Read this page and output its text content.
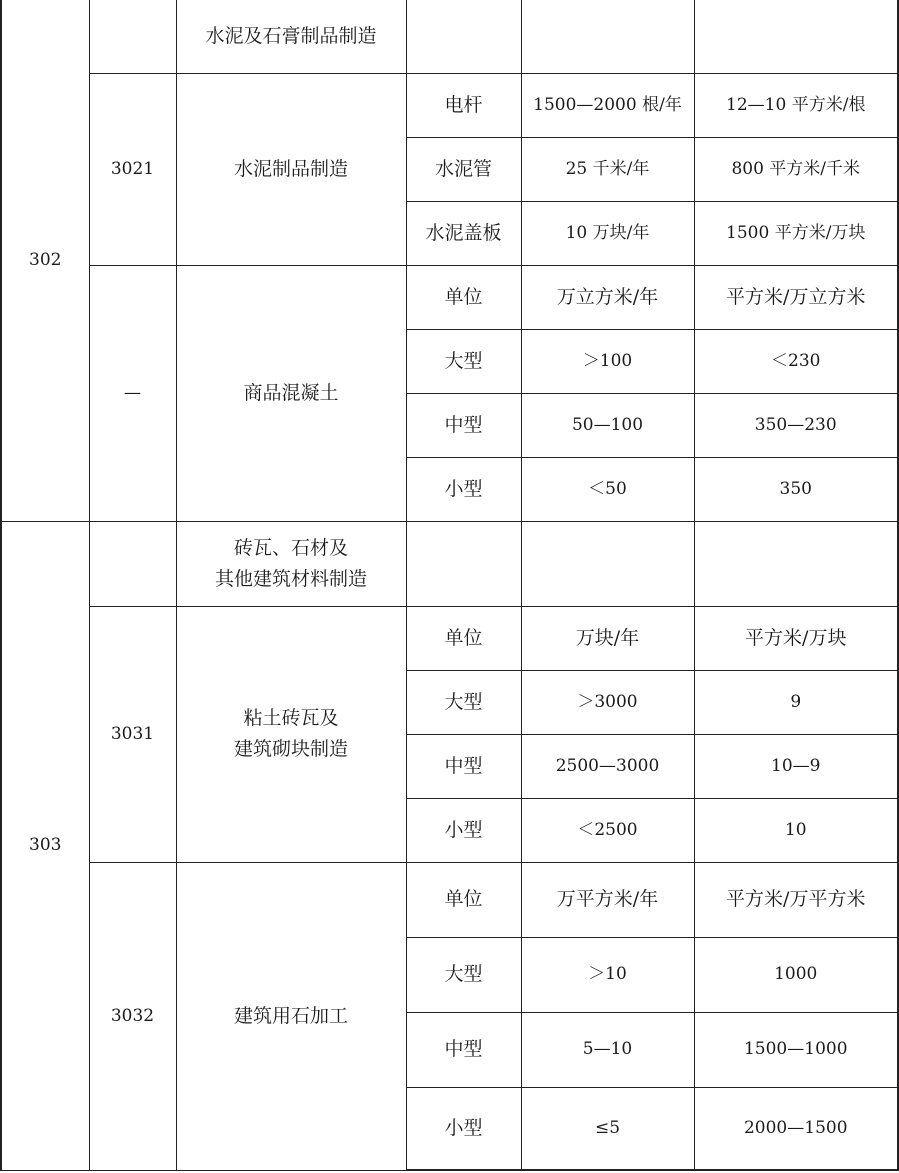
302		水泥及石膏制品制造			
	3021	水泥制品制造	电杆	1500—2000 根/年	12—10 平方米/根
			水泥管	25 千米/年	800 平方米/千米
			水泥盖板	10 万块/年	1500 平方米/万块
	—	商品混凝土	单位	万立方米/年	平方米/万立方米
			大型	＞100	＜230
			中型	50—100	350—230
			小型	＜50	350
303		砖瓦、石材及
其他建筑材料制造			

	3031	粘土砖瓦及
建筑砌块制造	单位	万块/年	平方米/万块
			大型	＞3000	9
			中型	2500—3000	10—9
			小型	＜2500	10
	3032	建筑用石加工	单位	万平方米/年	平方米/万平方米
			大型	＞10	1000
			中型	5—10	1500—1000
			小型	≤5	2000—1500
